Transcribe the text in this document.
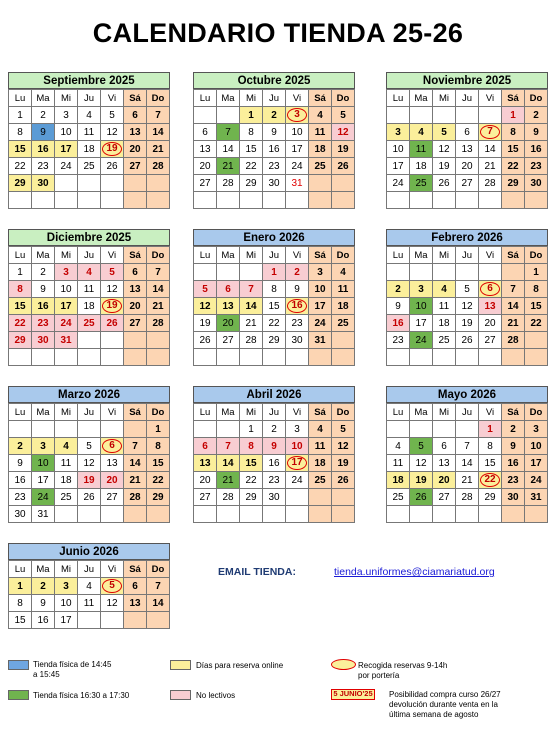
CALENDARIO TIENDA 25-26
Septiembre 2025
Lu	Ma	Mi	Ju	Vi	Sá	Do
1	2	3	4	5	6	7
8	9	10	11	12	13	14
15	16	17	18	19	20	21
22	23	24	25	26	27	28
29	30					

Octubre 2025
Lu	Ma	Mi	Ju	Vi	Sá	Do
		1	2	3	4	5
6	7	8	9	10	11	12
13	14	15	16	17	18	19
20	21	22	23	24	25	26
27	28	29	30	31		

Noviembre 2025
Lu	Ma	Mi	Ju	Vi	Sá	Do
					1	2
3	4	5	6	7	8	9
10	11	12	13	14	15	16
17	18	19	20	21	22	23
24	25	26	27	28	29	30

Diciembre 2025
Lu	Ma	Mi	Ju	Vi	Sá	Do
1	2	3	4	5	6	7
8	9	10	11	12	13	14
15	16	17	18	19	20	21
22	23	24	25	26	27	28
29	30	31				

Enero 2026
Lu	Ma	Mi	Ju	Vi	Sá	Do
			1	2	3	4
5	6	7	8	9	10	11
12	13	14	15	16	17	18
19	20	21	22	23	24	25
26	27	28	29	30	31	

Febrero 2026
Lu	Ma	Mi	Ju	Vi	Sá	Do
						1
2	3	4	5	6	7	8
9	10	11	12	13	14	15
16	17	18	19	20	21	22
23	24	25	26	27	28	

Marzo 2026
Lu	Ma	Mi	Ju	Vi	Sá	Do
						1
2	3	4	5	6	7	8
9	10	11	12	13	14	15
16	17	18	19	20	21	22
23	24	25	26	27	28	29
30	31					
Abril 2026
Lu	Ma	Mi	Ju	Vi	Sá	Do
		1	2	3	4	5
6	7	8	9	10	11	12
13	14	15	16	17	18	19
20	21	22	23	24	25	26
27	28	29	30			

Mayo 2026
Lu	Ma	Mi	Ju	Vi	Sá	Do
				1	2	3
4	5	6	7	8	9	10
11	12	13	14	15	16	17
18	19	20	21	22	23	24
25	26	27	28	29	30	31

Junio 2026
Lu	Ma	Mi	Ju	Vi	Sá	Do
1	2	3	4	5	6	7
8	9	10	11	12	13	14
15	16	17				
EMAIL TIENDA:	tienda.uniformes@ciamariatud.org
Tienda física de 14:45
a 15:45
Días para reserva online	Recogida reservas 9-14h
por portería
Tienda física 16:30 a 17:30	No lectivos	5 JUNIO'25 Posibilidad compra curso 26/27
devolución durante venta en la
última semana de agosto
